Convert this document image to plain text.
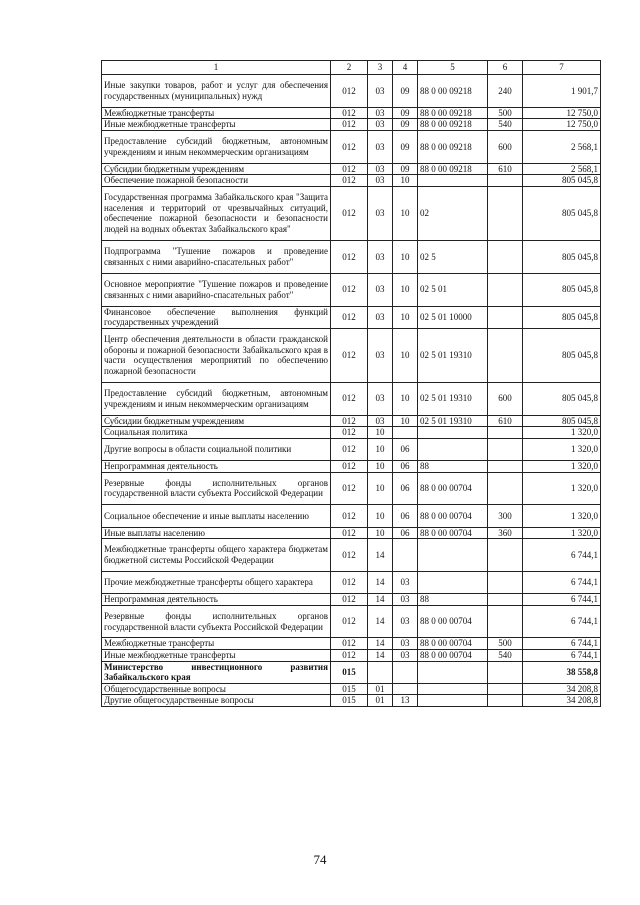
1	2	3	4	5	6	7
Иные закупки товаров, работ и услуг для обеспечения государственных (муниципальных) нужд	012	03	09	88 0 00 09218	240	1 901,7
Межбюджетные трансферты	012	03	09	88 0 00 09218	500	12 750,0
Иные межбюджетные трансферты	012	03	09	88 0 00 09218	540	12 750,0
Предоставление субсидий бюджетным, автономным учреждениям и иным некоммерческим организациям	012	03	09	88 0 00 09218	600	2 568,1
Субсидии бюджетным учреждениям	012	03	09	88 0 00 09218	610	2 568,1
Обеспечение пожарной безопасности	012	03	10			805 045,8
Государственная программа Забайкальского края "Защита населения и территорий от чрезвычайных ситуаций, обеспечение пожарной безопасности и безопасности людей на водных объектах Забайкальского края"	012	03	10	02		805 045,8
Подпрограмма "Тушение пожаров и проведение связанных с ними аварийно-спасательных работ"	012	03	10	02 5		805 045,8
Основное мероприятие "Тушение пожаров и проведение связанных с ними аварийно-спасательных работ"	012	03	10	02 5 01		805 045,8
Финансовое обеспечение выполнения функций государственных учреждений	012	03	10	02 5 01 10000		805 045,8
Центр обеспечения деятельности в области гражданской обороны и пожарной безопасности Забайкальского края в части осуществления мероприятий по обеспечению пожарной безопасности	012	03	10	02 5 01 19310		805 045,8
Предоставление субсидий бюджетным, автономным учреждениям и иным некоммерческим организациям	012	03	10	02 5 01 19310	600	805 045,8
Субсидии бюджетным учреждениям	012	03	10	02 5 01 19310	610	805 045,8
Социальная политика	012	10				1 320,0
Другие вопросы в области социальной политики	012	10	06			1 320,0
Непрограммная деятельность	012	10	06	88		1 320,0
Резервные фонды исполнительных органов государственной власти субъекта Российской Федерации	012	10	06	88 0 00 00704		1 320,0
Социальное обеспечение и иные выплаты населению	012	10	06	88 0 00 00704	300	1 320,0
Иные выплаты населению	012	10	06	88 0 00 00704	360	1 320,0
Межбюджетные трансферты общего характера бюджетам бюджетной системы Российской Федерации	012	14				6 744,1
Прочие межбюджетные трансферты общего характера	012	14	03			6 744,1
Непрограммная деятельность	012	14	03	88		6 744,1
Резервные фонды исполнительных органов государственной власти субъекта Российской Федерации	012	14	03	88 0 00 00704		6 744,1
Межбюджетные трансферты	012	14	03	88 0 00 00704	500	6 744,1
Иные межбюджетные трансферты	012	14	03	88 0 00 00704	540	6 744,1
Министерство инвестиционного развития Забайкальского края	015					38 558,8
Общегосударственные вопросы	015	01				34 208,8
Другие общегосударственные вопросы	015	01	13			34 208,8
74
